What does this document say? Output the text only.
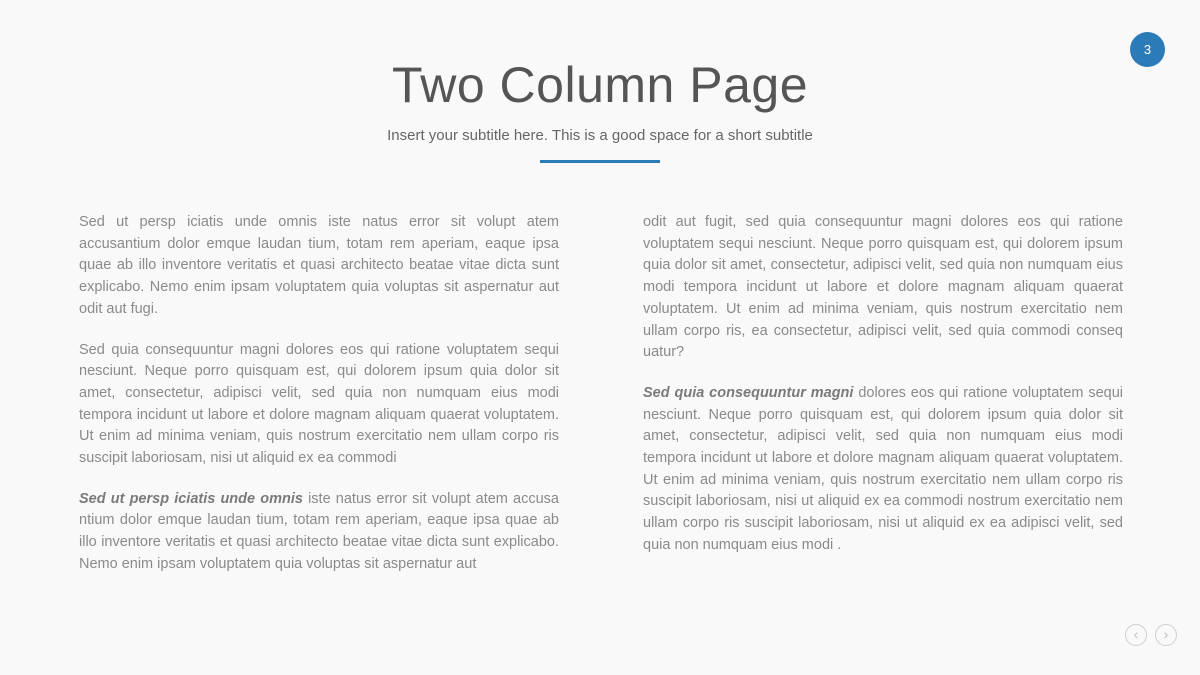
3
Two Column Page

Insert your subtitle here. This is a good space for a short subtitle

Sed ut persp iciatis unde omnis iste natus error sit volupt atem accusantium dolor emque laudan tium, totam rem aperiam, eaque ipsa quae ab illo inventore veritatis et quasi architecto beatae vitae dicta sunt explicabo. Nemo enim ipsam voluptatem quia voluptas sit aspernatur aut odit aut fugi.

Sed quia consequuntur magni dolores eos qui ratione voluptatem sequi nesciunt. Neque porro quisquam est, qui dolorem ipsum quia dolor sit amet, consectetur, adipisci velit, sed quia non numquam eius modi tempora incidunt ut labore et dolore magnam aliquam quaerat voluptatem. Ut enim ad minima veniam, quis nostrum exercitatio nem ullam corpo ris suscipit laboriosam, nisi ut aliquid ex ea commodi

Sed ut persp iciatis unde omnis iste natus error sit volupt atem accusa ntium dolor emque laudan tium, totam rem aperiam, eaque ipsa quae ab illo inventore veritatis et quasi architecto beatae vitae dicta sunt explicabo. Nemo enim ipsam voluptatem quia voluptas sit aspernatur aut

odit aut fugit, sed quia consequuntur magni dolores eos qui ratione voluptatem sequi nesciunt. Neque porro quisquam est, qui dolorem ipsum quia dolor sit amet, consectetur, adipisci velit, sed quia non numquam eius modi tempora incidunt ut labore et dolore magnam aliquam quaerat voluptatem. Ut enim ad minima veniam, quis nostrum exercitatio nem ullam corpo ris, ea consectetur, adipisci velit, sed quia commodi conseq uatur?

Sed quia consequuntur magni dolores eos qui ratione voluptatem sequi nesciunt. Neque porro quisquam est, qui dolorem ipsum quia dolor sit amet, consectetur, adipisci velit, sed quia non numquam eius modi tempora incidunt ut labore et dolore magnam aliquam quaerat voluptatem. Ut enim ad minima veniam, quis nostrum exercitatio nem ullam corpo ris suscipit laboriosam, nisi ut aliquid ex ea commodi nostrum exercitatio nem ullam corpo ris suscipit laboriosam, nisi ut aliquid ex ea adipisci velit, sed quia non numquam eius modi .

‹	›
